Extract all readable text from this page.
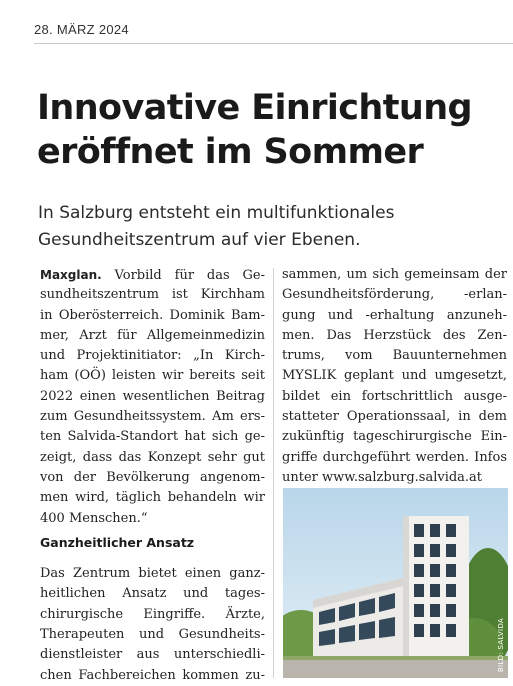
28. MÄRZ 2024
Innovative Einrichtung
eröffnet im Sommer

In Salzburg entsteht ein multifunktionales
Gesundheitszentrum auf vier Ebenen.

Maxglan. Vorbild für das Ge-
sundheitszentrum ist Kirchham
in Oberösterreich. Dominik Bam-
mer, Arzt für Allgemeinmedizin
und Projektinitiator: „In Kirch-
ham (OÖ) leisten wir bereits seit
2022 einen wesentlichen Beitrag
zum Gesundheitssystem. Am ers-
ten Salvida-Standort hat sich ge-
zeigt, dass das Konzept sehr gut
von der Bevölkerung angenom-
men wird, täglich behandeln wir
400 Menschen.“
Ganzheitlicher Ansatz
Das Zentrum bietet einen ganz-
heitlichen Ansatz und tages-
chirurgische Eingriffe. Ärzte,
Therapeuten und Gesundheits-
dienstleister aus unterschiedli-
chen Fachbereichen kommen zu-
sammen, um sich gemeinsam der
Gesundheitsförderung, -erlan-
gung und -erhaltung anzuneh-
men. Das Herzstück des Zen-
trums, vom Bauunternehmen
MYSLIK geplant und umgesetzt,
bildet ein fortschrittlich ausge-
statteter Operationssaal, in dem
zukünftig tageschirurgische Ein-
griffe durchgeführt werden. Infos
unter www.salzburg.salvida.at
BILD: SALVIDA
